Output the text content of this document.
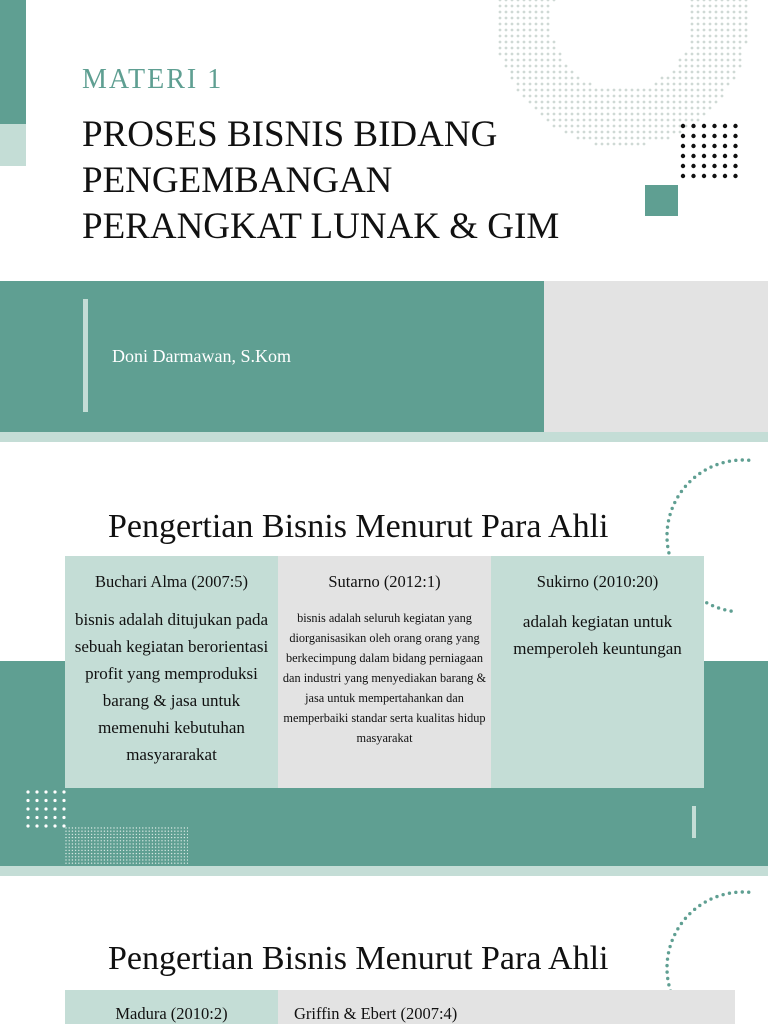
MATERI 1
PROSES BISNIS BIDANG
PENGEMBANGAN
PERANGKAT LUNAK & GIM
Doni Darmawan, S.Kom
Pengertian Bisnis Menurut Para Ahli
Buchari Alma (2007:5)
bisnis adalah ditujukan pada sebuah kegiatan berorientasi profit yang memproduksi barang & jasa untuk memenuhi kebutuhan masyararakat
Sutarno (2012:1)
bisnis adalah seluruh kegiatan yang diorganisasikan oleh orang orang yang berkecimpung dalam bidang perniagaan dan industri yang menyediakan barang & jasa untuk mempertahankan dan memperbaiki standar serta kualitas hidup masyarakat
Sukirno (2010:20)
adalah kegiatan untuk memperoleh keuntungan
Pengertian Bisnis Menurut Para Ahli
Madura (2010:2)	Griffin & Ebert (2007:4)
